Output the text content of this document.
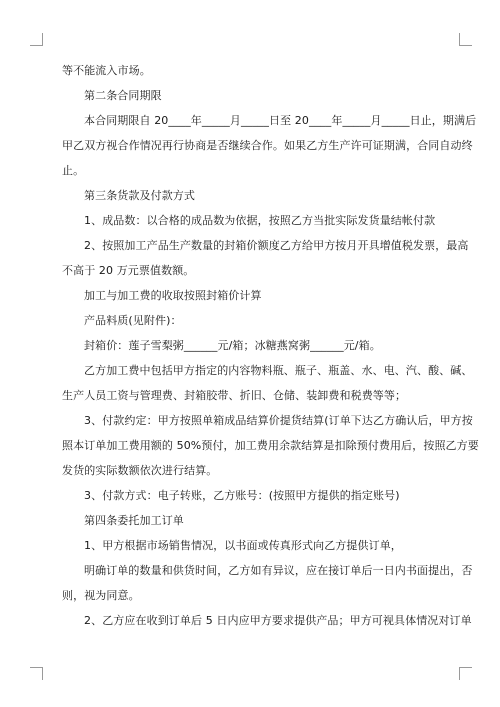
等不能流入市场。
第二条合同期限
本合同期限自 20____年_____月_____日至 20____年_____月_____日止，期满后
甲乙双方视合作情况再行协商是否继续合作。如果乙方生产许可证期满，合同自动终
止。
第三条货款及付款方式
1、成品数：以合格的成品数为依据，按照乙方当批实际发货量结帐付款
2、按照加工产品生产数量的封箱价额度乙方给甲方按月开具增值税发票，最高
不高于 20 万元票值数额。
加工与加工费的收取按照封箱价计算
产品料质(见附件)：
封箱价：莲子雪梨粥______元/箱；冰糖燕窝粥______元/箱。
乙方加工费中包括甲方指定的内容物料瓶、瓶子、瓶盖、水、电、汽、酸、碱、
生产人员工资与管理费、封箱胶带、折旧、仓储、装卸费和税费等等；
3、付款约定：甲方按照单箱成品结算价提货结算(订单下达乙方确认后，甲方按
照本订单加工费用额的 50%预付，加工费用余款结算是扣除预付费用后，按照乙方要
发货的实际数额依次进行结算。
3、付款方式：电子转账，乙方账号：(按照甲方提供的指定账号)
第四条委托加工订单
1、甲方根据市场销售情况，以书面或传真形式向乙方提供订单，
明确订单的数量和供货时间，乙方如有异议，应在接订单后一日内书面提出，否
则，视为同意。
2、乙方应在收到订单后 5 日内应甲方要求提供产品；甲方可视具体情况对订单
